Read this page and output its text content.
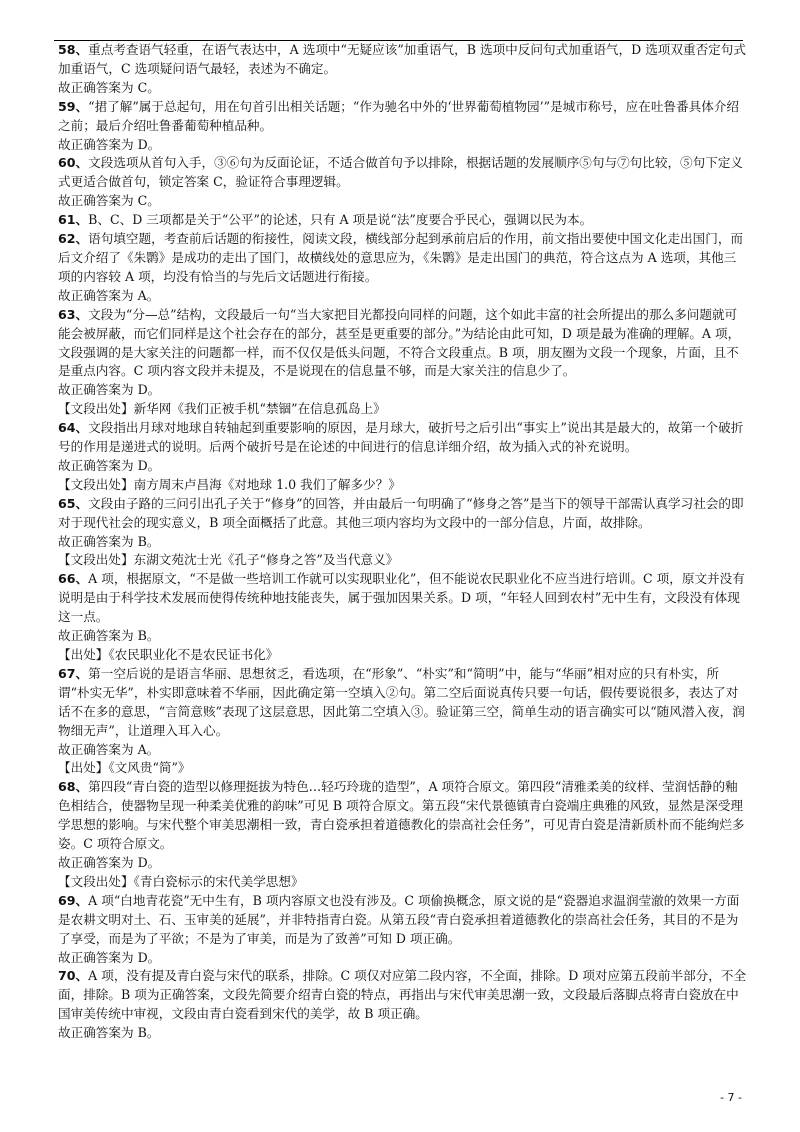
58、重点考查语气轻重，在语气表达中，A 选项中“无疑应该”加重语气，B 选项中反问句式加重语气，D 选项双重否定句式加重语气，C 选项疑问语气最轻，表述为不确定。

故正确答案为 C。

59、“捃了解”属于总起句，用在句首引出相关话题；“作为驰名中外的‘世界葡萄植物园’”是城市称号，应在吐鲁番具体介绍之前；最后介绍吐鲁番葡萄种植品种。

故正确答案为 D。

60、文段选项从首句入手，③⑥句为反面论证，不适合做首句予以排除，根据话题的发展顺序⑤句与⑦句比较，⑤句下定义式更适合做首句，锁定答案 C，验证符合事理逻辑。

故正确答案为 C。

61、B、C、D 三项都是关于“公平”的论述，只有 A 项是说“法”度要合乎民心，强调以民为本。

62、语句填空题，考查前后话题的衔接性，阅读文段，横线部分起到承前启后的作用，前文指出要使中国文化走出国门，而后文介绍了《朱鹮》是成功的走出了国门，故横线处的意思应为，《朱鹮》是走出国门的典范，符合这点为 A 选项，其他三项的内容较 A 项，均没有恰当的与先后文话题进行衔接。

故正确答案为 A。

63、文段为“分—总”结构，文段最后一句“当大家把目光都投向同样的问题，这个如此丰富的社会所提出的那么多问题就可能会被屏蔽，而它们同样是这个社会存在的部分，甚至是更重要的部分。”为结论由此可知，D 项是最为准确的理解。A 项，文段强调的是大家关注的问题都一样，而不仅仅是低头问题，不符合文段重点。B 项，朋友圈为文段一个现象，片面，且不是重点内容。C 项内容文段并未提及，不是说现在的信息量不够，而是大家关注的信息少了。

故正确答案为 D。

【文段出处】新华网《我们正被手机“禁锢”在信息孤岛上》

64、文段指出月球对地球自转轴起到重要影响的原因，是月球大，破折号之后引出“事实上”说出其是最大的，故第一个破折号的作用是递进式的说明。后两个破折号是在论述的中间进行的信息详细介绍，故为插入式的补充说明。

故正确答案为 D。

【文段出处】南方周末卢昌海《对地球 1.0 我们了解多少？》

65、文段由子路的三问引出孔子关于“修身”的回答，并由最后一句明确了“修身之答”是当下的领导干部需认真学习社会的即对于现代社会的现实意义，B 项全面概括了此意。其他三项内容均为文段中的一部分信息，片面，故排除。

故正确答案为 B。

【文段出处】东湖文苑沈士光《孔子“修身之答”及当代意义》

66、A 项，根据原文，“不是做一些培训工作就可以实现职业化”，但不能说农民职业化不应当进行培训。C 项，原文并没有说明是由于科学技术发展而使得传统种地技能丧失，属于强加因果关系。D 项，“年轻人回到农村”无中生有，文段没有体现这一点。

故正确答案为 B。

【出处】《农民职业化不是农民证书化》

67、第一空后说的是语言华丽、思想贫乏，看选项，在“形象”、“朴实”和“简明”中，能与“华丽”相对应的只有朴实，所谓“朴实无华”，朴实即意味着不华丽，因此确定第一空填入②句。第二空后面说真传只要一句话，假传要说很多，表达了对话不在多的意思，“言简意赅”表现了这层意思，因此第二空填入③。验证第三空，简单生动的语言确实可以“随风潜入夜，润物细无声”，让道理入耳入心。

故正确答案为 A。

【出处】《文风贵“简”》

68、第四段“青白瓷的造型以修理挺拔为特色…轻巧玲珑的造型”，A 项符合原文。第四段“清雅柔美的纹样、莹润恬静的釉色相结合，使器物呈现一种柔美优雅的韵味”可见 B 项符合原文。第五段“宋代景德镇青白瓷端庄典雅的风致，显然是深受理学思想的影响。与宋代整个审美思潮相一致，青白瓷承担着道德教化的崇高社会任务”，可见青白瓷是清新质朴而不能绚烂多姿。C 项符合原文。

故正确答案为 D。

【文段出处】《青白瓷标示的宋代美学思想》

69、A 项“白地青花瓷”无中生有，B 项内容原文也没有涉及。C 项偷换概念，原文说的是“瓷器追求温润莹澈的效果一方面是农耕文明对土、石、玉审美的延展”，并非特指青白瓷。从第五段“青白瓷承担着道德教化的崇高社会任务，其目的不是为了享受，而是为了平欲；不是为了审美，而是为了致善”可知 D 项正确。

故正确答案为 D。

70、A 项，没有提及青白瓷与宋代的联系，排除。C 项仅对应第二段内容，不全面，排除。D 项对应第五段前半部分，不全面，排除。B 项为正确答案，文段先简要介绍青白瓷的特点，再指出与宋代审美思潮一致，文段最后落脚点将青白瓷放在中国审美传统中审视，文段由青白瓷看到宋代的美学，故 B 项正确。

故正确答案为 B。

- 7 -
